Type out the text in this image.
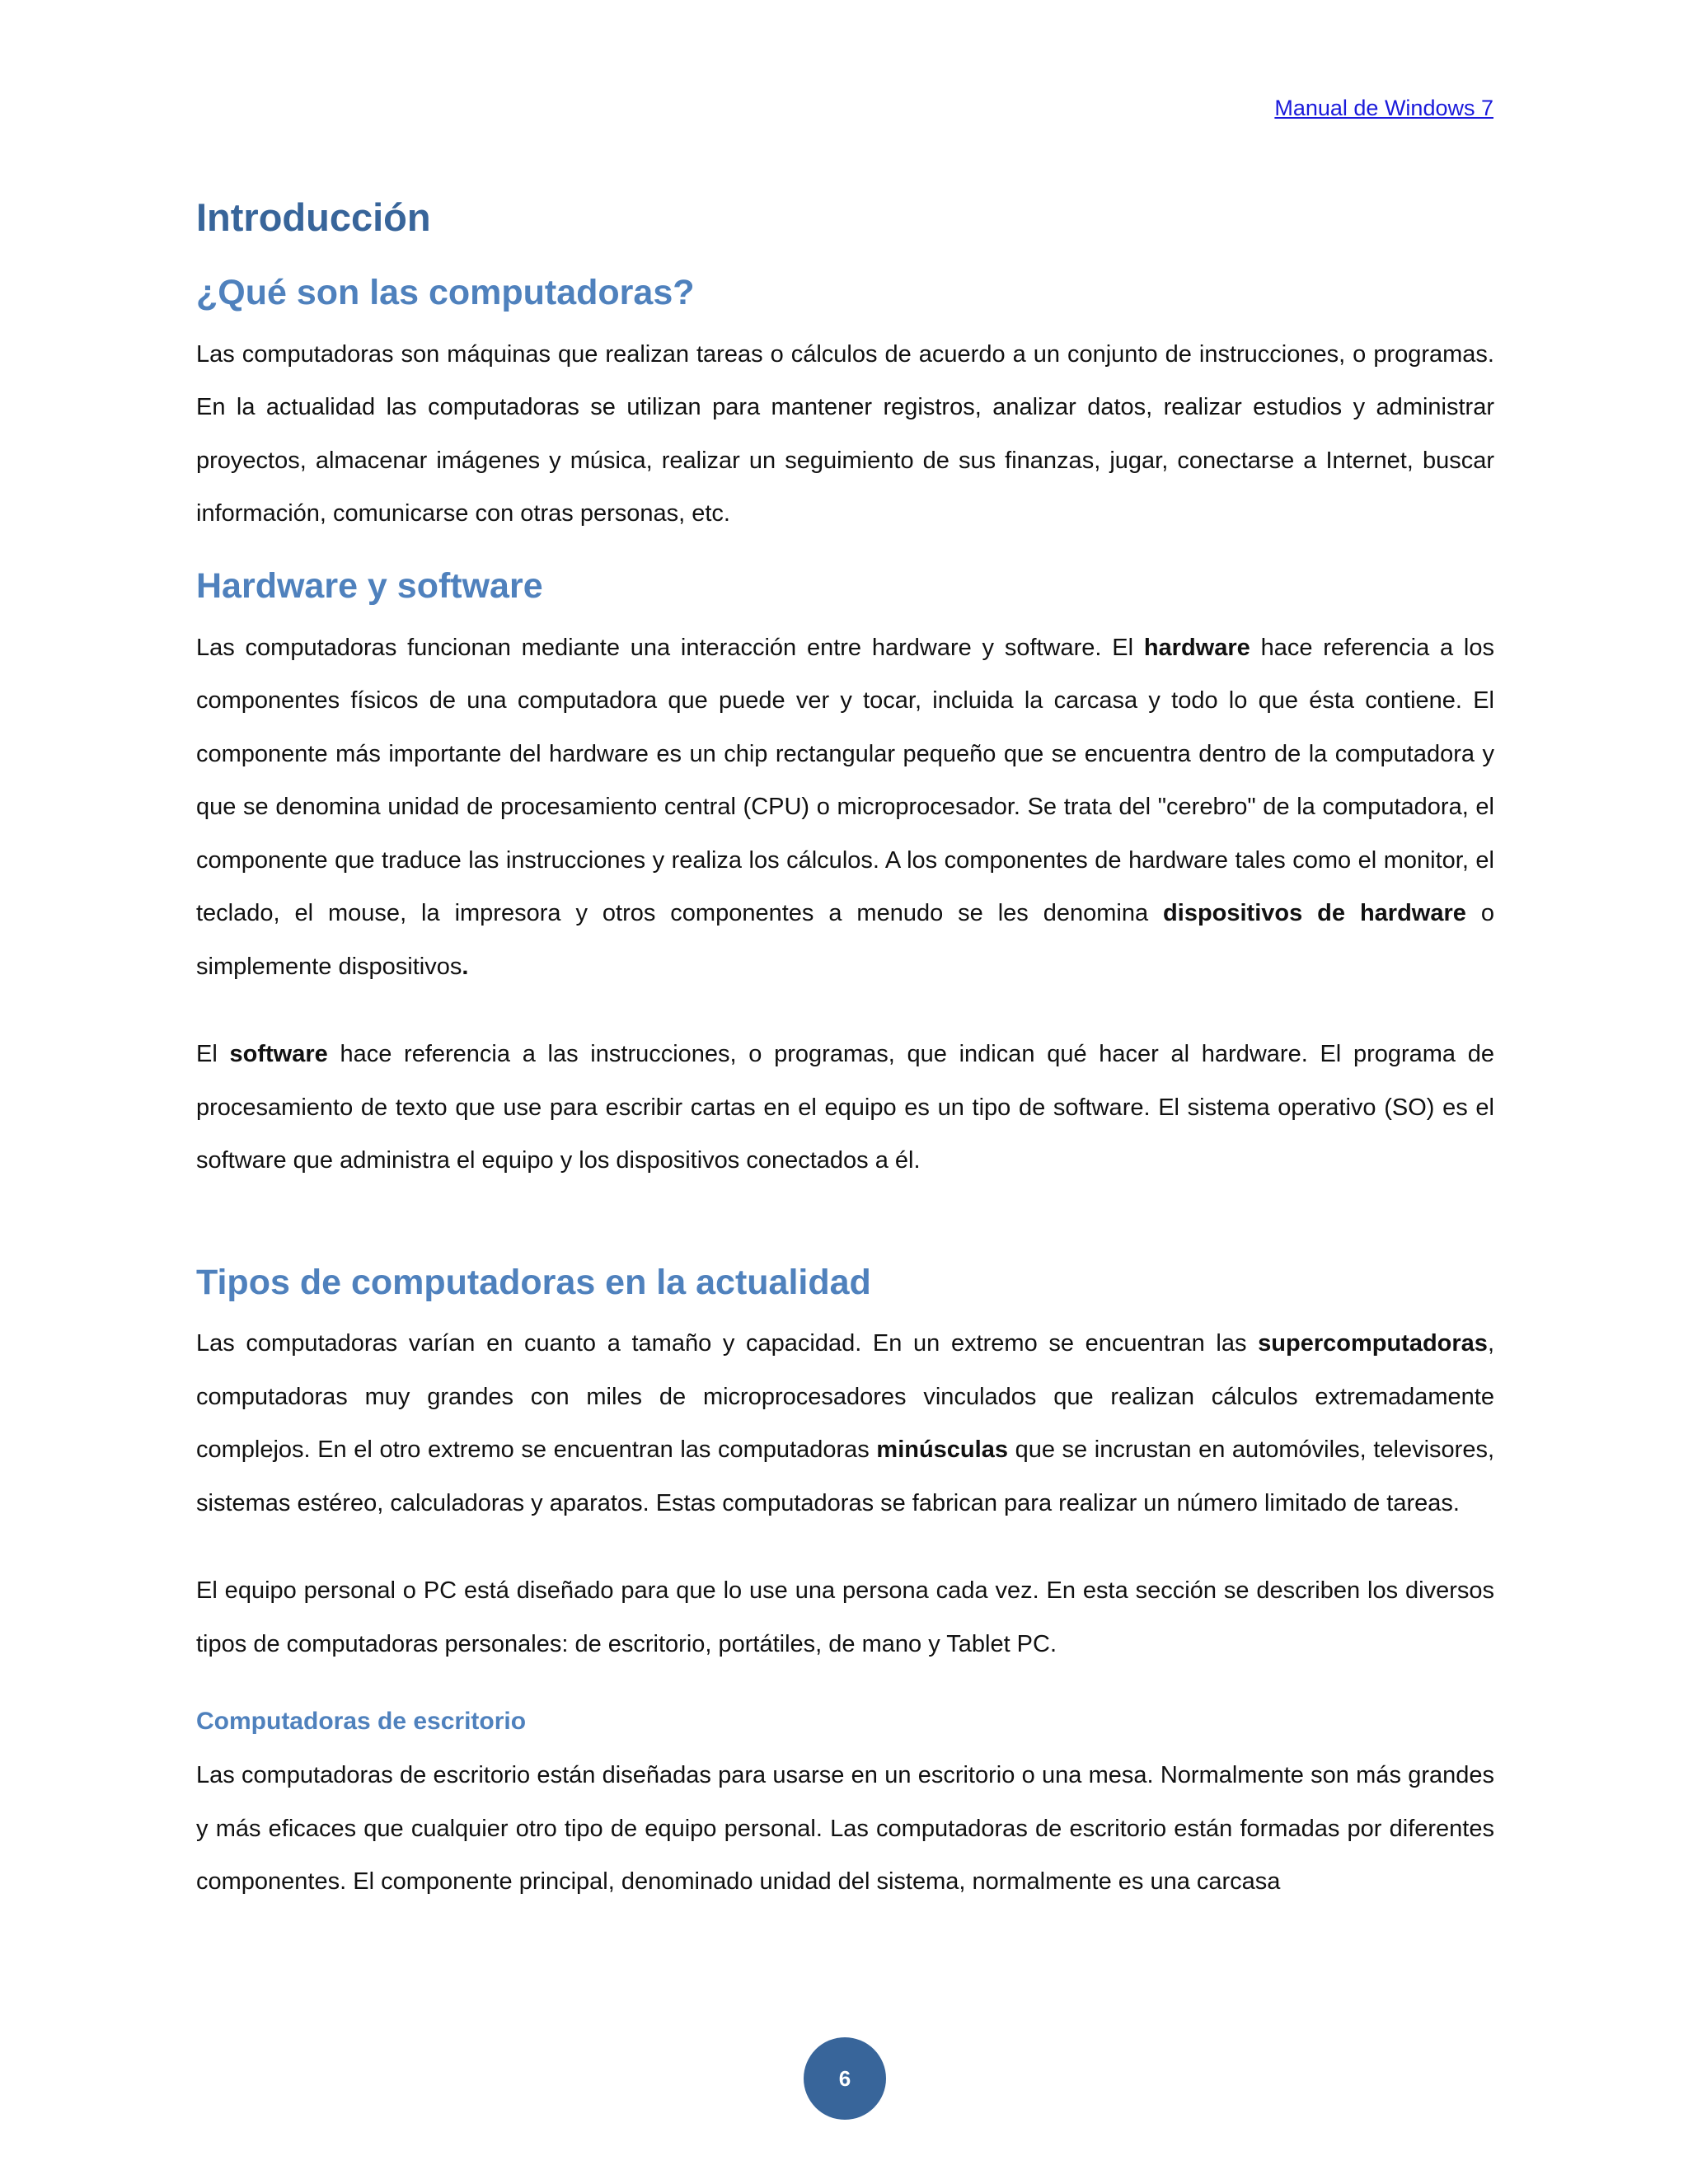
Manual de Windows 7
Introducción
¿Qué son las computadoras?

Las computadoras son máquinas que realizan tareas o cálculos de acuerdo a un conjunto de instrucciones, o programas. En la actualidad las computadoras se utilizan para mantener registros, analizar datos, realizar estudios y administrar proyectos, almacenar imágenes y música, realizar un seguimiento de sus finanzas, jugar, conectarse a Internet, buscar información, comunicarse con otras personas, etc.

Hardware y software

Las computadoras funcionan mediante una interacción entre hardware y software. El hardware hace referencia a los componentes físicos de una computadora que puede ver y tocar, incluida la carcasa y todo lo que ésta contiene. El componente más importante del hardware es un chip rectangular pequeño que se encuentra dentro de la computadora y que se denomina unidad de procesamiento central (CPU) o microprocesador. Se trata del "cerebro" de la computadora, el componente que traduce las instrucciones y realiza los cálculos. A los componentes de hardware tales como el monitor, el teclado, el mouse, la impresora y otros componentes a menudo se les denomina dispositivos de hardware o simplemente dispositivos.

El software hace referencia a las instrucciones, o programas, que indican qué hacer al hardware. El programa de procesamiento de texto que use para escribir cartas en el equipo es un tipo de software. El sistema operativo (SO) es el software que administra el equipo y los dispositivos conectados a él.

Tipos de computadoras en la actualidad

Las computadoras varían en cuanto a tamaño y capacidad. En un extremo se encuentran las supercomputadoras, computadoras muy grandes con miles de microprocesadores vinculados que realizan cálculos extremadamente complejos. En el otro extremo se encuentran las computadoras minúsculas que se incrustan en automóviles, televisores, sistemas estéreo, calculadoras y aparatos. Estas computadoras se fabrican para realizar un número limitado de tareas.

El equipo personal o PC está diseñado para que lo use una persona cada vez. En esta sección se describen los diversos tipos de computadoras personales: de escritorio, portátiles, de mano y Tablet PC.

Computadoras de escritorio

Las computadoras de escritorio están diseñadas para usarse en un escritorio o una mesa. Normalmente son más grandes y más eficaces que cualquier otro tipo de equipo personal. Las computadoras de escritorio están formadas por diferentes componentes. El componente principal, denominado unidad del sistema, normalmente es una carcasa

6
